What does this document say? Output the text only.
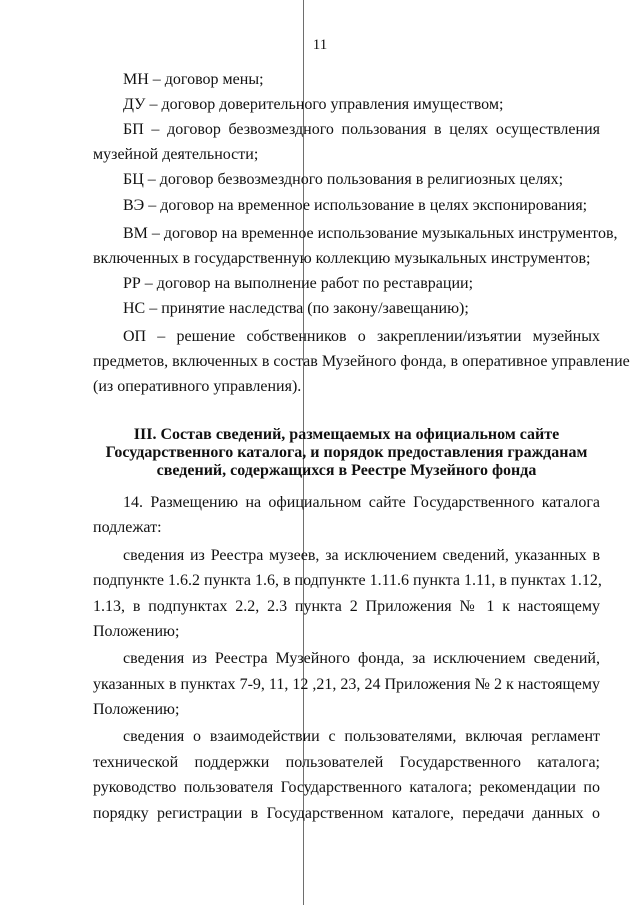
11
МН – договор мены;
ДУ – договор доверительного управления имуществом;
БП – договор безвозмездного пользования в целях осуществления
музейной деятельности;
БЦ – договор безвозмездного пользования в религиозных целях;
ВЭ – договор на временное использование в целях экспонирования;
ВМ – договор на временное использование музыкальных инструментов,
включенных в государственную коллекцию музыкальных инструментов;
РР – договор на выполнение работ по реставрации;
НС – принятие наследства (по закону/завещанию);
ОП – решение собственников о закреплении/изъятии музейных
предметов, включенных в состав Музейного фонда, в оперативное управление
(из оперативного управления).
III. Состав сведений, размещаемых на официальном сайте
Государственного каталога, и порядок предоставления гражданам
сведений, содержащихся в Реестре Музейного фонда
14. Размещению на официальном сайте Государственного каталога
подлежат:
сведения из Реестра музеев, за исключением сведений, указанных в
подпункте 1.6.2 пункта 1.6, в подпункте 1.11.6 пункта 1.11, в пунктах 1.12,
1.13, в подпунктах 2.2, 2.3 пункта 2 Приложения № 1 к настоящему
Положению;
сведения из Реестра Музейного фонда, за исключением сведений,
указанных в пунктах 7-9, 11, 12 ,21, 23, 24 Приложения № 2 к настоящему
Положению;
сведения о взаимодействии с пользователями, включая регламент
технической поддержки пользователей Государственного каталога;
руководство пользователя Государственного каталога; рекомендации по
порядку регистрации в Государственном каталоге, передачи данных о
